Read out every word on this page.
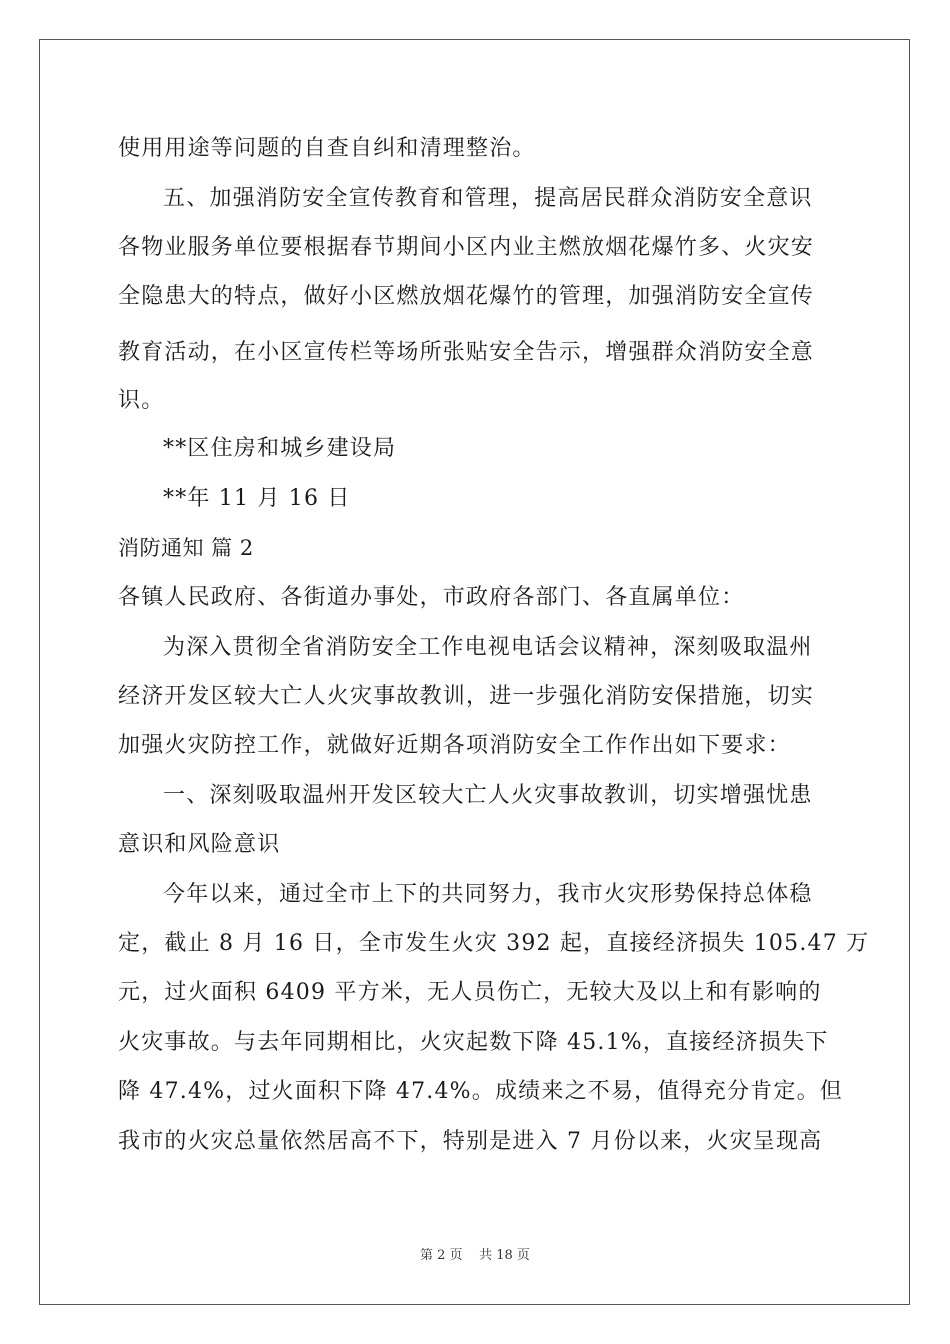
使用用途等问题的自查自纠和清理整治。
五、加强消防安全宣传教育和管理，提高居民群众消防安全意识
各物业服务单位要根据春节期间小区内业主燃放烟花爆竹多、火灾安
全隐患大的特点，做好小区燃放烟花爆竹的管理，加强消防安全宣传
教育活动，在小区宣传栏等场所张贴安全告示，增强群众消防安全意
识。
**区住房和城乡建设局
**年 11 月 16 日
消防通知 篇 2
各镇人民政府、各街道办事处，市政府各部门、各直属单位：
为深入贯彻全省消防安全工作电视电话会议精神，深刻吸取温州
经济开发区较大亡人火灾事故教训，进一步强化消防安保措施，切实
加强火灾防控工作，就做好近期各项消防安全工作作出如下要求：
一、深刻吸取温州开发区较大亡人火灾事故教训，切实增强忧患
意识和风险意识
今年以来，通过全市上下的共同努力，我市火灾形势保持总体稳
定，截止 8 月 16 日，全市发生火灾 392 起，直接经济损失 105.47 万
元，过火面积 6409 平方米，无人员伤亡，无较大及以上和有影响的
火灾事故。与去年同期相比，火灾起数下降 45.1%，直接经济损失下
降 47.4%，过火面积下降 47.4%。成绩来之不易，值得充分肯定。但
我市的火灾总量依然居高不下，特别是进入 7 月份以来，火灾呈现高
第 2 页 共 18 页
